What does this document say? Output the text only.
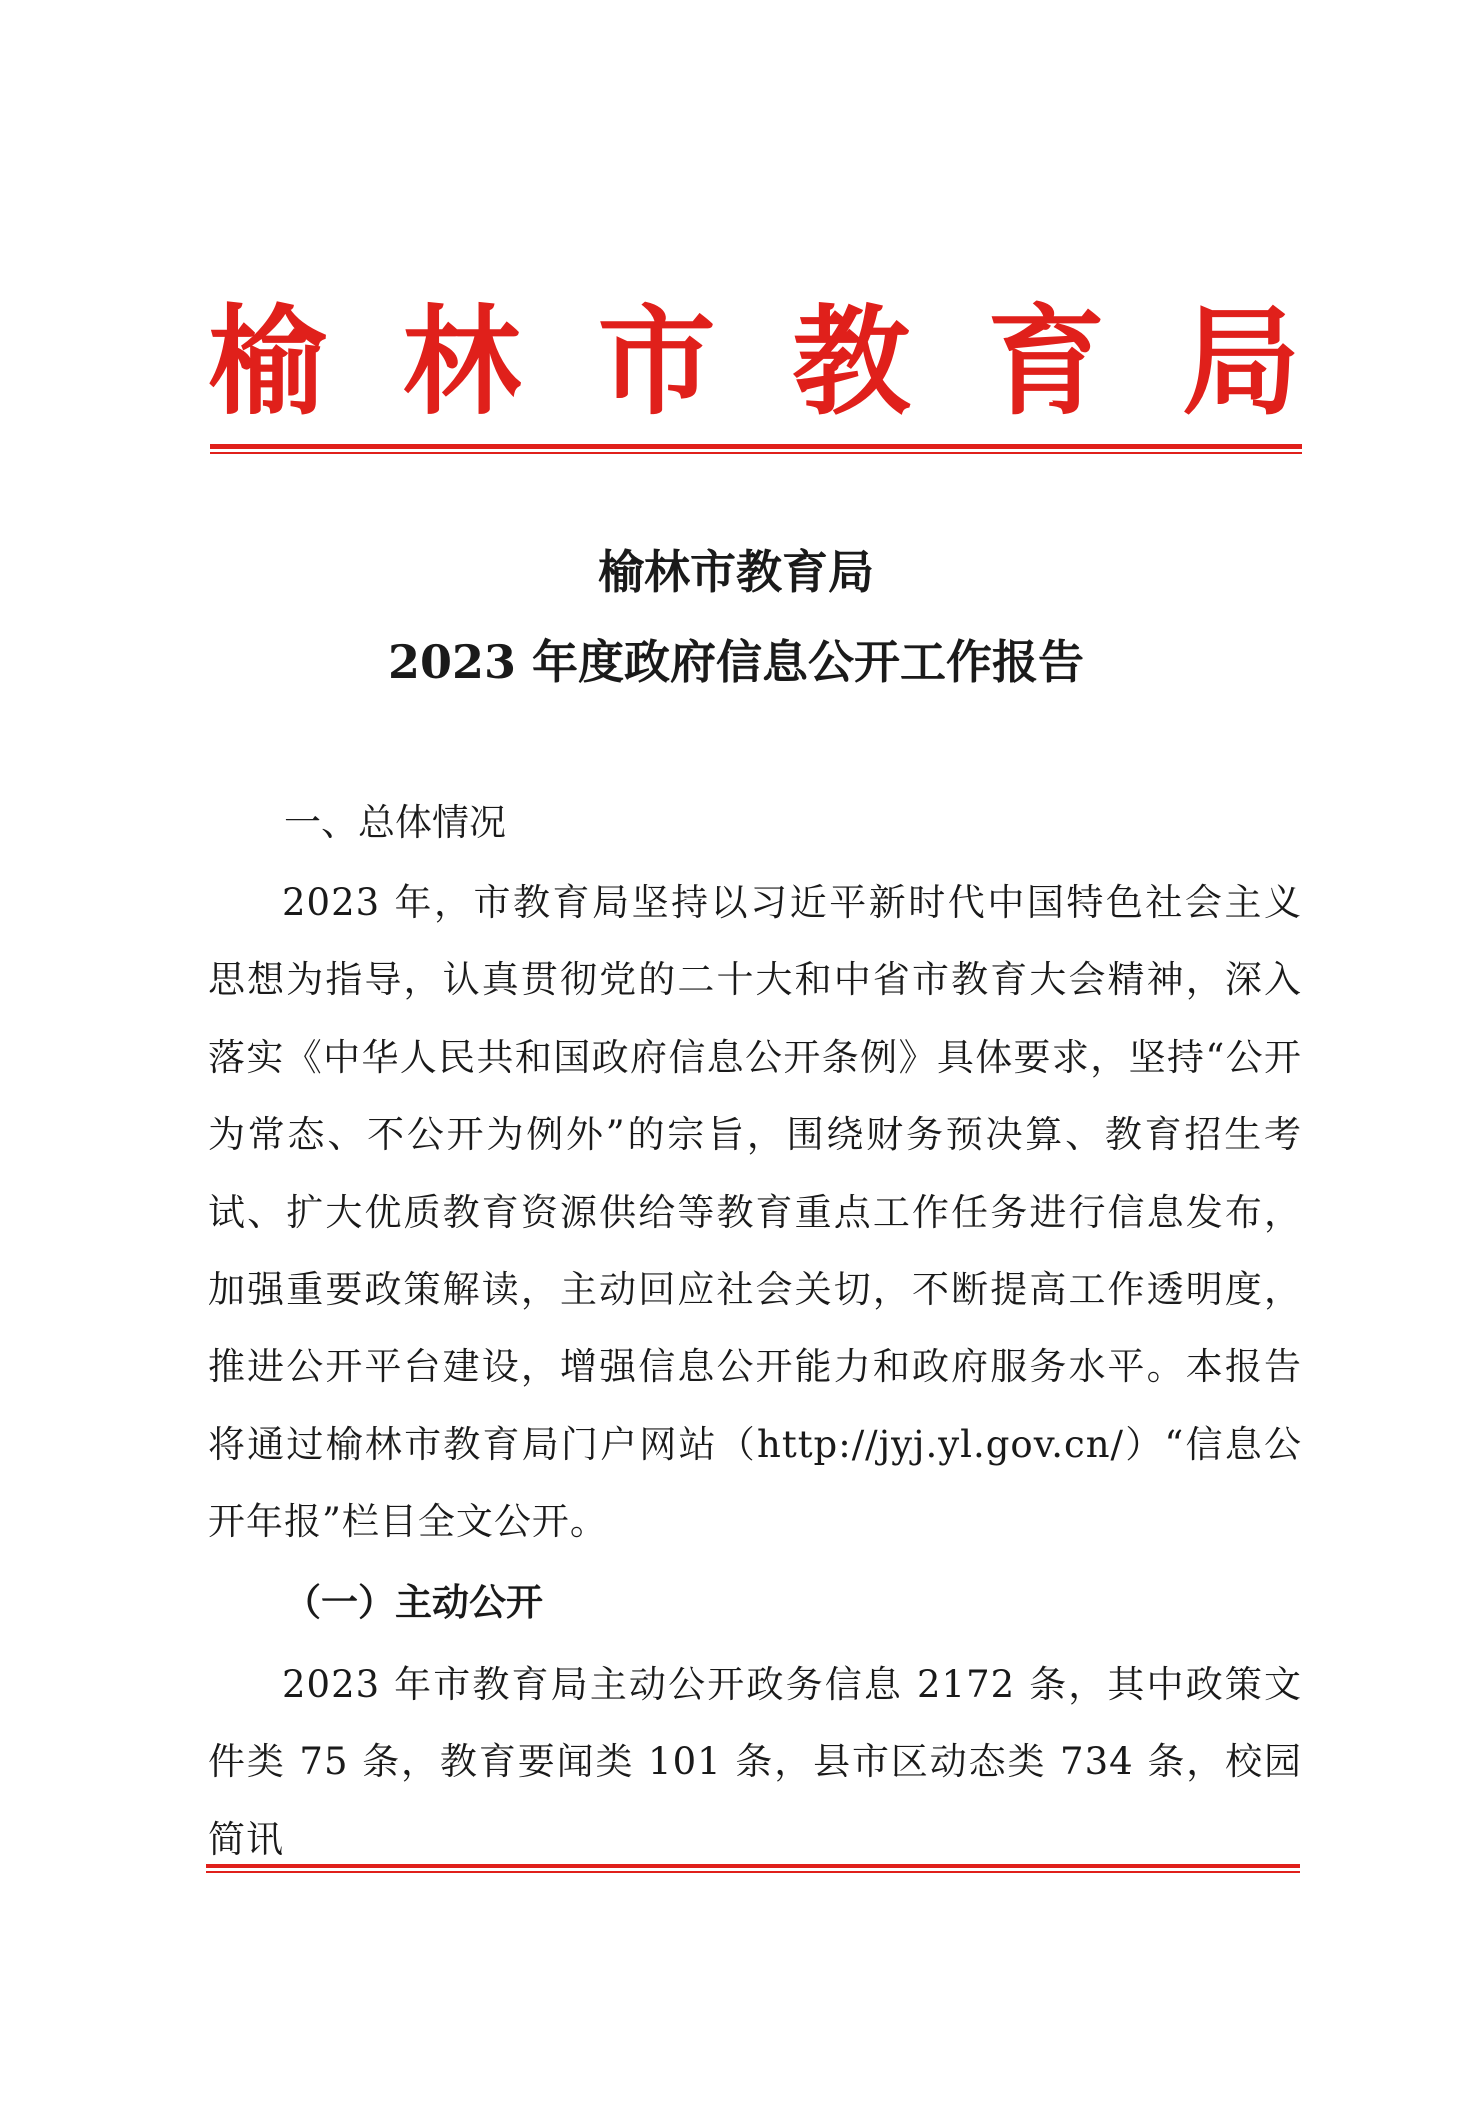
榆 林 市 教 育 局
榆林市教育局
2023 年度政府信息公开工作报告
一、总体情况

2023 年，市教育局坚持以习近平新时代中国特色社会主义思想为指导，认真贯彻党的二十大和中省市教育大会精神，深入落实《中华人民共和国政府信息公开条例》具体要求，坚持“公开为常态、不公开为例外”的宗旨，围绕财务预决算、教育招生考试、扩大优质教育资源供给等教育重点工作任务进行信息发布，加强重要政策解读，主动回应社会关切，不断提高工作透明度，推进公开平台建设，增强信息公开能力和政府服务水平。本报告将通过榆林市教育局门户网站（http://jyj.yl.gov.cn/）“信息公开年报”栏目全文公开。

（一）主动公开

2023 年市教育局主动公开政务信息 2172 条，其中政策文件类 75 条，教育要闻类 101 条，县市区动态类 734 条，校园简讯
